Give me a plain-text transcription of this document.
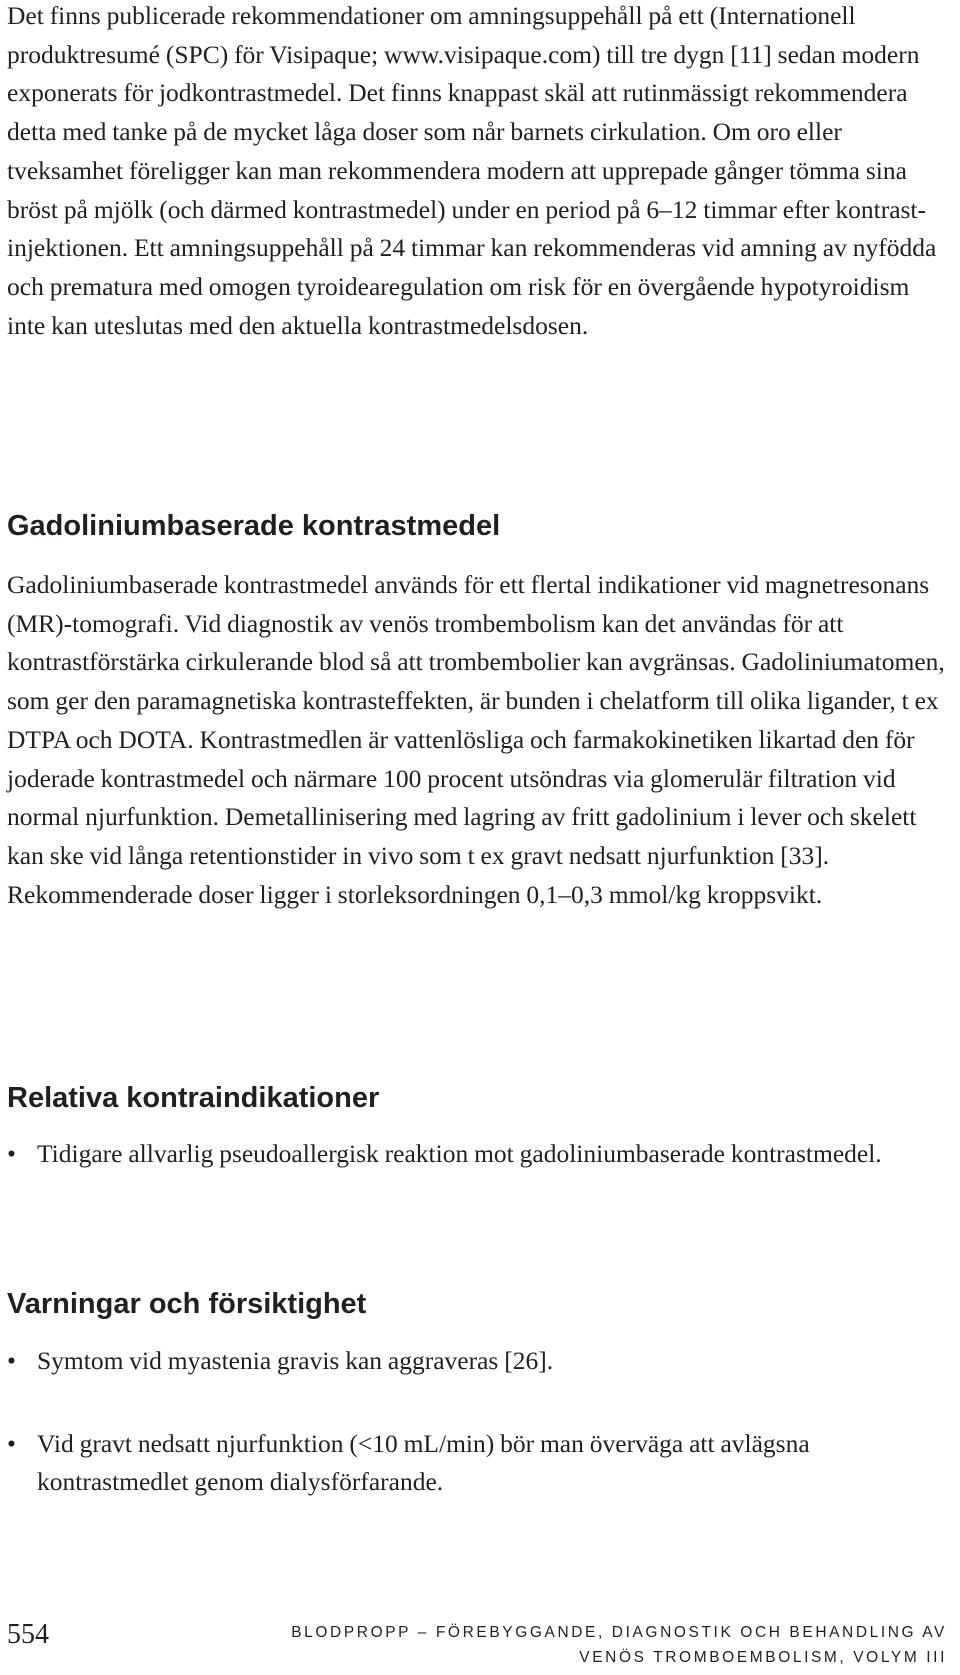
Det finns publicerade rekommendationer om amningsuppehåll på ett (Internationell produktresumé (SPC) för Visipaque; www.visipaque.com) till tre dygn [11] sedan modern exponerats för jodkontrastmedel. Det finns knappast skäl att rutinmässigt rekommendera detta med tanke på de mycket låga doser som når barnets cirkulation. Om oro eller tveksamhet föreligger kan man rekommendera modern att upprepade gånger tömma sina bröst på mjölk (och därmed kontrastmedel) under en period på 6–12 timmar efter kontrastinjektionen. Ett amningsuppehåll på 24 timmar kan rekommenderas vid amning av nyfödda och prematura med omogen tyroidearegulation om risk för en övergående hypotyroidism inte kan uteslutas med den aktuella kontrastmedelsdosen.

Gadoliniumbaserade kontrastmedel

Gadoliniumbaserade kontrastmedel används för ett flertal indikationer vid magnetresonans (MR)-tomografi. Vid diagnostik av venös trombembolism kan det användas för att kontrastförstärka cirkulerande blod så att trombembolier kan avgränsas. Gadoliniumatomen, som ger den paramagnetiska kontrasteffekten, är bunden i chelatform till olika ligander, t ex DTPA och DOTA. Kontrastmedlen är vattenlösliga och farmakokinetiken likartad den för joderade kontrastmedel och närmare 100 procent utsöndras via glomerulär filtration vid normal njurfunktion. Demetallinisering med lagring av fritt gadolinium i lever och skelett kan ske vid långa retentionstider in vivo som t ex gravt nedsatt njurfunktion [33]. Rekommenderade doser ligger i storleksordningen 0,1–0,3 mmol/kg kroppsvikt.

Relativa kontraindikationer
• Tidigare allvarlig pseudoallergisk reaktion mot gadoliniumbaserade kontrastmedel.
Varningar och försiktighet
• Symtom vid myastenia gravis kan aggraveras [26].
• Vid gravt nedsatt njurfunktion (<10 mL/min) bör man överväga att avlägsna kontrastmedlet genom dialysförfarande.
554	BLODPROPP – FÖREBYGGANDE, DIAGNOSTIK OCH BEHANDLING AV
VENÖS TROMBOEMBOLISM, VOLYM III
